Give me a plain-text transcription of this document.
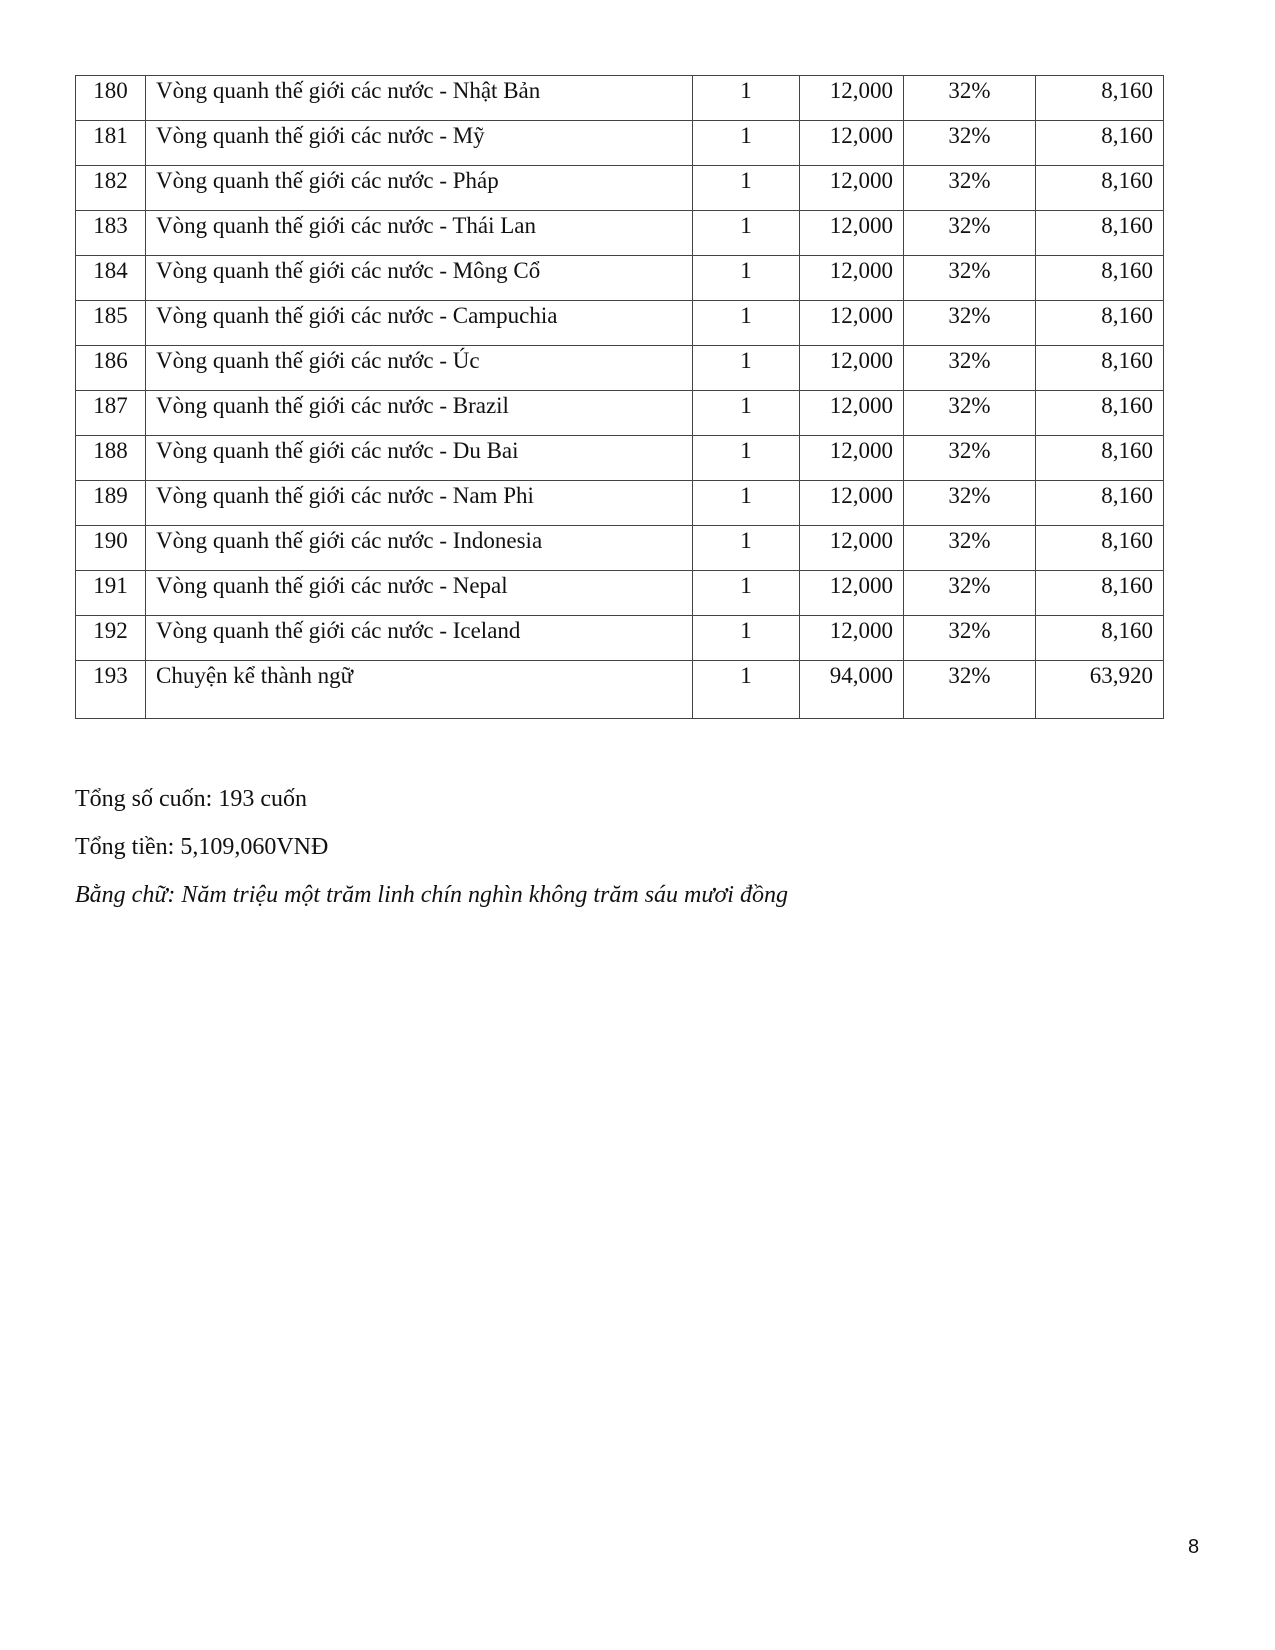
180	Vòng quanh thế giới các nước - Nhật Bản	1	12,000	32%	8,160
181	Vòng quanh thế giới các nước - Mỹ	1	12,000	32%	8,160
182	Vòng quanh thế giới các nước - Pháp	1	12,000	32%	8,160
183	Vòng quanh thế giới các nước - Thái Lan	1	12,000	32%	8,160
184	Vòng quanh thế giới các nước - Mông Cổ	1	12,000	32%	8,160
185	Vòng quanh thế giới các nước - Campuchia	1	12,000	32%	8,160
186	Vòng quanh thế giới các nước - Úc	1	12,000	32%	8,160
187	Vòng quanh thế giới các nước - Brazil	1	12,000	32%	8,160
188	Vòng quanh thế giới các nước - Du Bai	1	12,000	32%	8,160
189	Vòng quanh thế giới các nước - Nam Phi	1	12,000	32%	8,160
190	Vòng quanh thế giới các nước - Indonesia	1	12,000	32%	8,160
191	Vòng quanh thế giới các nước - Nepal	1	12,000	32%	8,160
192	Vòng quanh thế giới các nước - Iceland	1	12,000	32%	8,160
193	Chuyện kể thành ngữ	1	94,000	32%	63,920
Tổng số cuốn: 193 cuốn
Tổng tiền: 5,109,060VNĐ
Bằng chữ: Năm triệu một trăm linh chín nghìn không trăm sáu mươi đồng
8
